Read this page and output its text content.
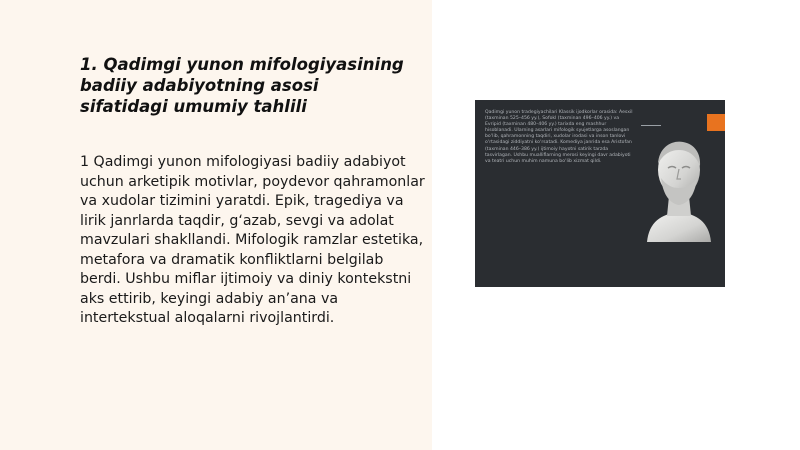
1. Qadimgi yunon mifologiyasining badiiy adabiyotning asosi sifatidagi umumiy tahlili

1 Qadimgi yunon mifologiyasi badiiy adabiyot uchun arketipik motivlar, poydevor qahramonlar va xudolar tizimini yaratdi. Epik, tragediya va lirik janrlarda taqdir, g‘azab, sevgi va adolat mavzulari shakllandi. Mifologik ramzlar estetika, metafora va dramatik konfliktlarni belgilab berdi. Ushbu miflar ijtimoiy va diniy kontekstni aks ettirib, keyingi adabiy an’ana va intertekstual aloqalarni rivojlantirdi.

Qadimgi yunon tradegiyachilari Klassik ijodkorlar orasida: Aesxil (taxminan 525–456 yy.), Sofokl (taxminan 496–406 yy.) va Evripid (taxminan 480–406 yy.) tarixda eng mashhur hisoblanadi. Ularning asarlari mifologik syujetlarga asoslangan bo‘lib, qahramonning taqdiri, xudolar irodasi va inson tanlovi o‘rtasidagi ziddiyatni ko‘rsatadi. Komediya janrida esa Aristofan (taxminan 446–386 yy.) ijtimoiy hayotni satirik tarzda tasvirlagan. Ushbu mualliflarning merosi keyingi davr adabiyoti va teatri uchun muhim namuna bo‘lib xizmat qildi.
